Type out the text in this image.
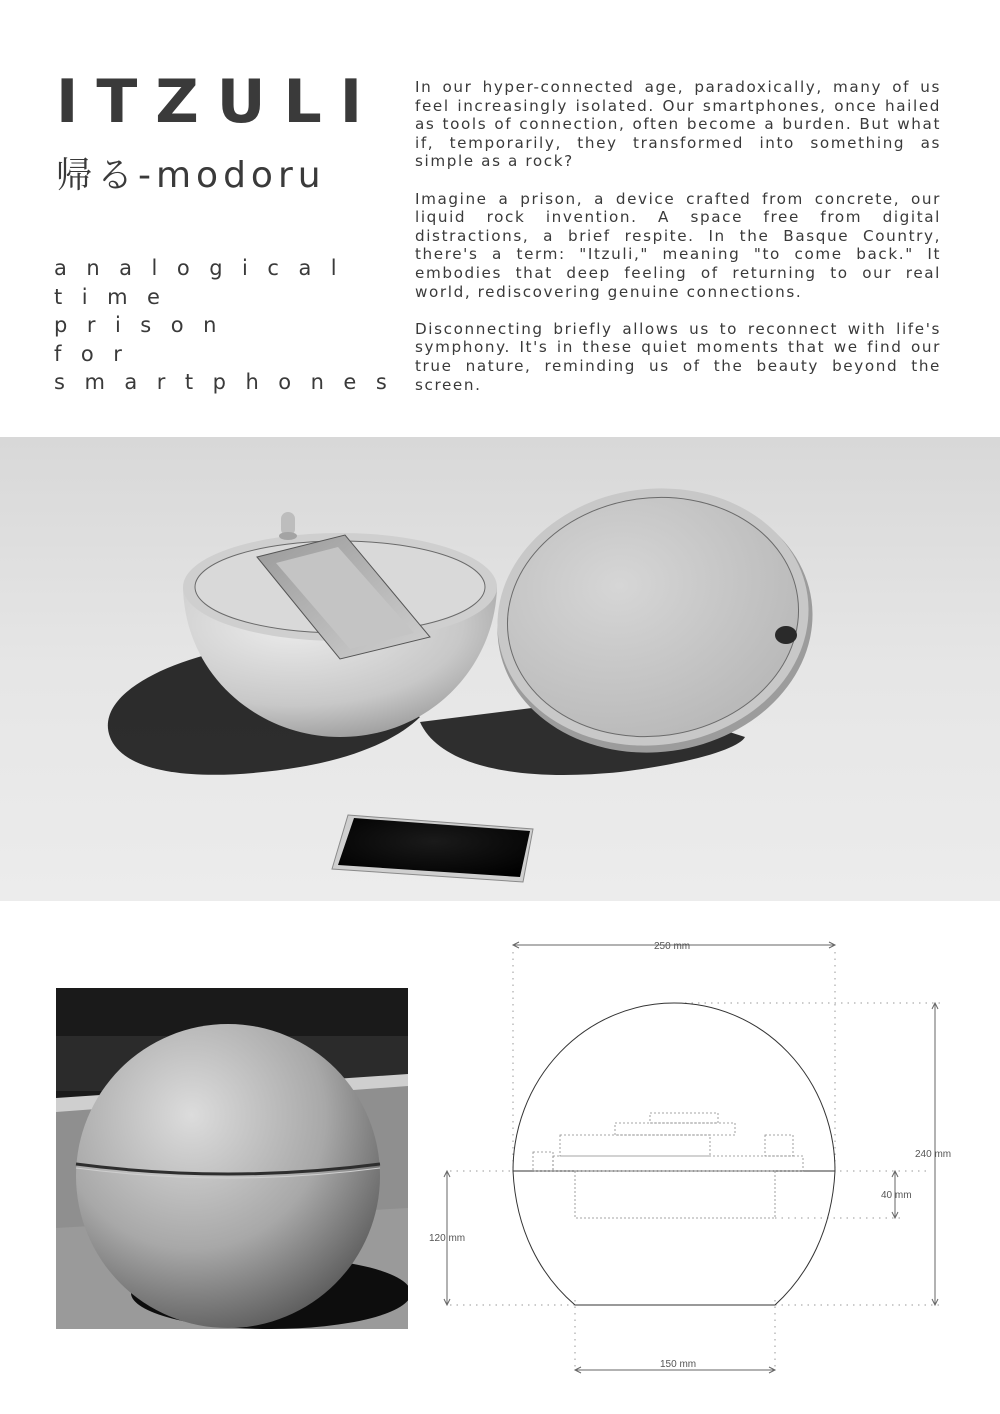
ITZULI
帰る-modoru
analogical
time
prison
for
smartphones

In our hyper-connected age, paradoxically, many of us feel increasingly isolated. Our smartphones, once hailed as tools of connection, often become a burden. But what if, temporarily, they transformed into something as simple as a rock?

Imagine a prison, a device crafted from concrete, our liquid rock invention. A space free from digital distractions, a brief respite. In the Basque Country, there's a term: "Itzuli," meaning "to come back." It embodies that deep feeling of returning to our real world, rediscovering genuine connections.

Disconnecting briefly allows us to reconnect with life's symphony. It's in these quiet moments that we find our true nature, reminding us of the beauty beyond the screen.

250 mm
240 mm
120 mm
40 mm
150 mm
